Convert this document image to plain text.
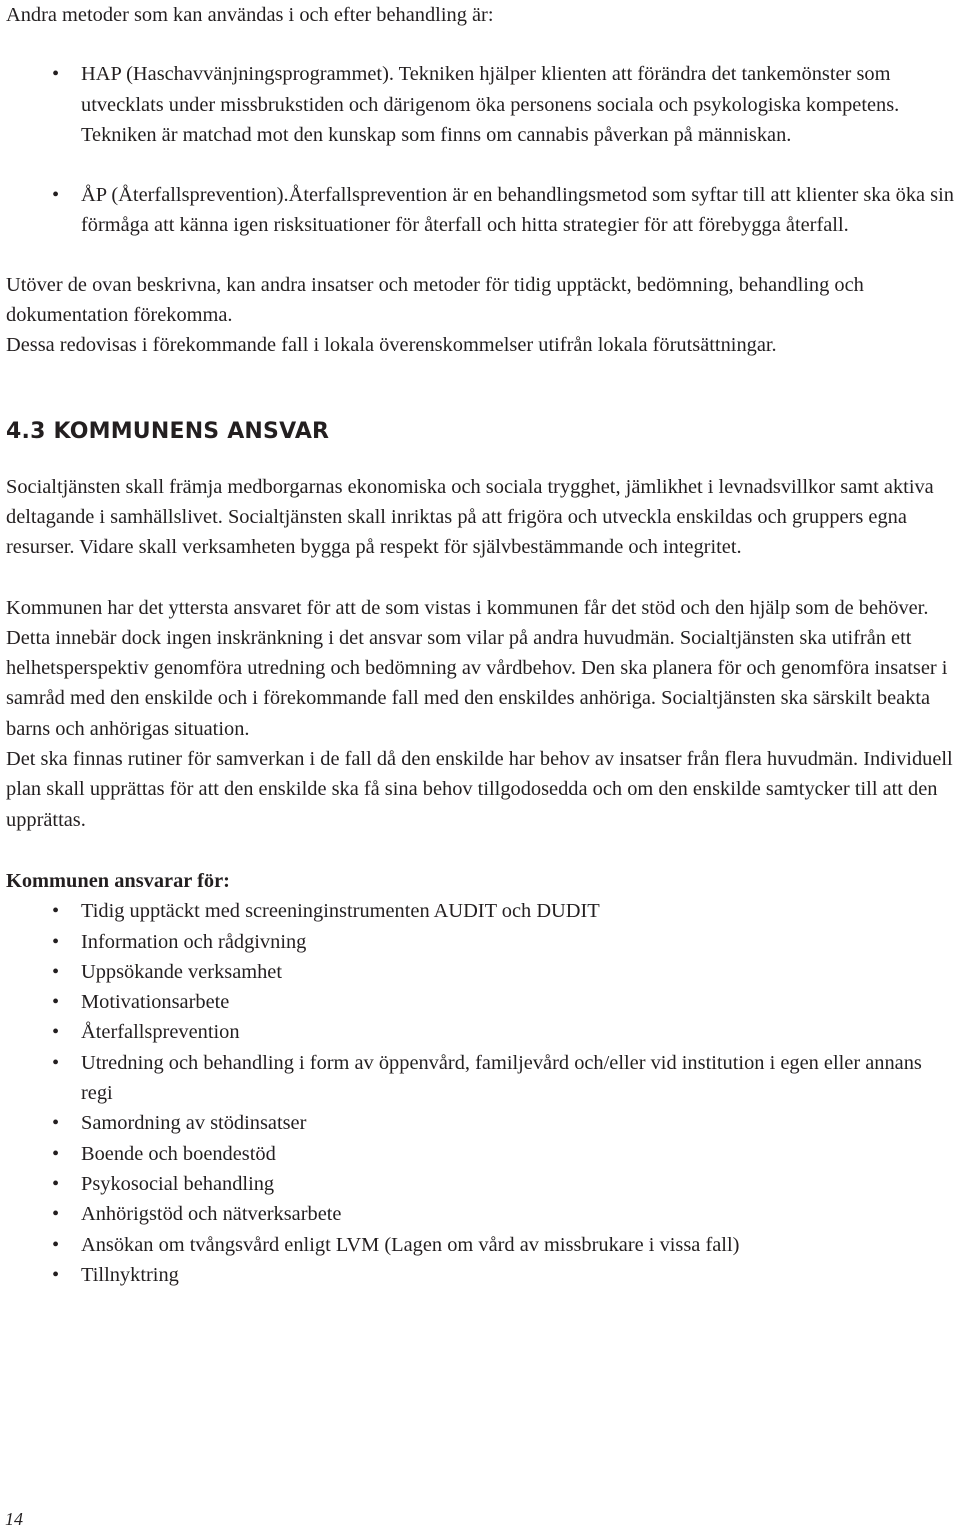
Andra metoder som kan användas i och efter behandling är:

• HAP (Haschavvänjningsprogrammet). Tekniken hjälper klienten att förändra det tankemönster som utvecklats under missbrukstiden och därigenom öka personens sociala och psykologiska kompetens. Tekniken är matchad mot den kunskap som finns om cannabis påverkan på människan.
• ÅP (Återfallsprevention).Återfallsprevention är en behandlingsmetod som syftar till att klienter ska öka sin förmåga att känna igen risksituationer för återfall och hitta strategier för att förebygga återfall.

Utöver de ovan beskrivna, kan andra insatser och metoder för tidig upptäckt, bedömning, behandling och dokumentation förekomma.

Dessa redovisas i förekommande fall i lokala överenskommelser utifrån lokala förutsättningar.

4.3 KOMMUNENS ANSVAR

Socialtjänsten skall främja medborgarnas ekonomiska och sociala trygghet, jämlikhet i levnadsvillkor samt aktiva deltagande i samhällslivet. Socialtjänsten skall inriktas på att frigöra och utveckla enskildas och gruppers egna resurser. Vidare skall verksamheten bygga på respekt för självbestämmande och integritet.

Kommunen har det yttersta ansvaret för att de som vistas i kommunen får det stöd och den hjälp som de behöver. Detta innebär dock ingen inskränkning i det ansvar som vilar på andra huvudmän. Socialtjänsten ska utifrån ett helhetsperspektiv genomföra utredning och bedömning av vårdbehov. Den ska planera för och genomföra insatser i samråd med den enskilde och i förekommande fall med den enskildes anhöriga. Socialtjänsten ska särskilt beakta barns och anhörigas situation.

Det ska finnas rutiner för samverkan i de fall då den enskilde har behov av insatser från flera huvudmän. Individuell plan skall upprättas för att den enskilde ska få sina behov tillgodosedda och om den enskilde samtycker till att den upprättas.

Kommunen ansvarar för:

• Tidig upptäckt med screeninginstrumenten AUDIT och DUDIT
• Information och rådgivning
• Uppsökande verksamhet
• Motivationsarbete
• Återfallsprevention
• Utredning och behandling i form av öppenvård, familjevård och/eller vid institution i egen eller annans regi
• Samordning av stödinsatser
• Boende och boendestöd
• Psykosocial behandling
• Anhörigstöd och nätverksarbete
• Ansökan om tvångsvård enligt LVM (Lagen om vård av missbrukare i vissa fall)
• Tillnyktring
14
